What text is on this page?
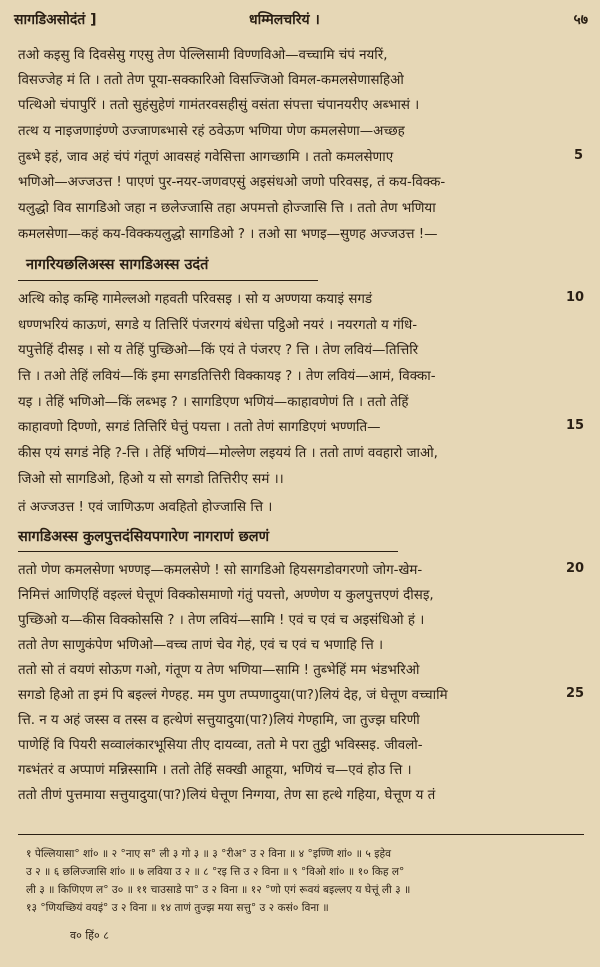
सागडिअसोदंतं ]	धम्मिलचरियं ।	५७
तओ कइसु वि दिवसेसु गएसु तेण पेल्लिसामी विण्णविओ—वच्चामि चंपं नयरिं,
विसज्जेह मं ति । ततो तेण पूया-सक्कारिओ विसज्जिओ विमल-कमलसेणासहिओ
पत्थिओ चंपापुरिं । ततो सुहंसुहेणं गामंतरवसहीसुं वसंता संपत्ता चंपानयरीए अब्भासं ।
तत्थ य नाइजणाइंण्णे उज्जाणब्भासे रहं ठवेऊण भणिया णेण कमलसेणा—अच्छह
तुब्भे इहं, जाव अहं चंपं गंतूणं आवसहं गवेसित्ता आगच्छामि । ततो कमलसेणाए	5
भणिओ—अज्जउत्त ! पाएणं पुर-नयर-जणवएसुं अइसंधओ जणो परिवसइ, तं कय-विक्क-
यलुद्धो विव सागडिओ जहा न छलेज्जासि तहा अपमत्तो होज्जासि त्ति । ततो तेण भणिया
कमलसेणा—कहं कय-विक्कयलुद्धो सागडिओ ? । तओ सा भणइ—सुणह अज्जउत्त !—
नागरियछलिअस्स सागडिअस्स उदंतं
अत्थि कोइ कम्हि गामेल्लओ गहवती परिवसइ । सो य अण्णया कयाइं सगडं	10
धण्णभरियं काऊणं, सगडे य तित्तिरिं पंजरगयं बंधेत्ता पट्ठिओ नयरं । नयरगतो य गंधि-
यपुत्तेहिं दीसइ । सो य तेहिं पुच्छिओ—किं एयं ते पंजरए ? त्ति । तेण लवियं—तित्तिरि
त्ति । तओ तेहिं लवियं—किं इमा सगडतित्तिरी विक्कायइ ? । तेण लवियं—आमं, विक्का-
यइ । तेहिं भणिओ—किं लब्भइ ? । सागडिएण भणियं—काहावणेणं ति । ततो तेहिं
काहावणो दिण्णो, सगडं तित्तिरिं घेत्तुं पयत्ता । ततो तेणं सागडिएणं भण्णति—	15
कीस एयं सगडं नेहि ?-त्ति । तेहिं भणियं—मोल्लेण लइययं ति । ततो ताणं ववहारो जाओ,
जिओ सो सागडिओ, हिओ य सो सगडो तित्तिरीए समं ।।
तं अज्जउत्त ! एवं जाणिऊण अवहितो होज्जासि त्ति ।
सागडिअस्स कुलपुत्तदंसियपगारेण नागराणं छलणं
ततो णेण कमलसेणा भण्णइ—कमलसेणे ! सो सागडिओ हियसगडोवगरणो जोग-खेम-	20
निमित्तं आणिएहिं वइल्लं घेत्तूणं विक्कोसमाणो गंतुं पयत्तो, अण्णेण य कुलपुत्तएणं दीसइ,
पुच्छिओ य—कीस विक्कोससि ? । तेण लवियं—सामि ! एवं च एवं च अइसंधिओ हं ।
ततो तेण साणुकंपेण भणिओ—वच्च ताणं चेव गेहं, एवं च एवं च भणाहि त्ति ।
ततो सो तं वयणं सोऊण गओ, गंतूण य तेण भणिया—सामि ! तुब्भेहिं मम भंडभरिओ
सगडो हिओ ता इमं पि बइल्लं गेण्हह. मम पुण तप्पणादुया(पा?)लियं देह, जं घेत्तूण वच्चामि	25
त्ति. न य अहं जस्स व तस्स व हत्थेणं सत्तुयादुया(पा?)लियं गेण्हामि, जा तुज्झ घरिणी
पाणेहिं वि पियरी सव्वालंकारभूसिया तीए दायव्वा, ततो मे परा तुट्ठी भविस्सइ. जीवलो-
गब्भंतरं व अप्पाणं मन्निस्सामि । ततो तेहिं सक्खी आहूया, भणियं च—एवं होउ त्ति ।
ततो तीणं पुत्तमाया सत्तुयादुया(पा?)लियं घेत्तूण निग्गया, तेण सा हत्थे गहिया, घेत्तूण य तं
१ पेल्लियासा° शां० ॥ २ °नाए स° ली ३ गो ३ ॥ ३ °रीअ° उ २ विना ॥ ४ °इण्णि शां० ॥ ५ इहेव
उ २ ॥ ६ छलिज्जासि शां० ॥ ७ लविया उ २ ॥ ८ °रइ त्ति उ २ विना ॥ ९ °विओ शां० ॥ १० किह ल°
ली ३ ॥ किणिएण ल° उ० ॥ ११ चाउसाडे पा° उ २ विना ॥ १२ °णो एगं रूवयं बइल्लए य घेत्तूं ली ३ ॥
१३ °णियच्छियं वयइं° उ २ विना ॥ १४ ताणं तुज्झ मया सत्तु° उ २ कसं० विना ॥
व० हिं० ८
